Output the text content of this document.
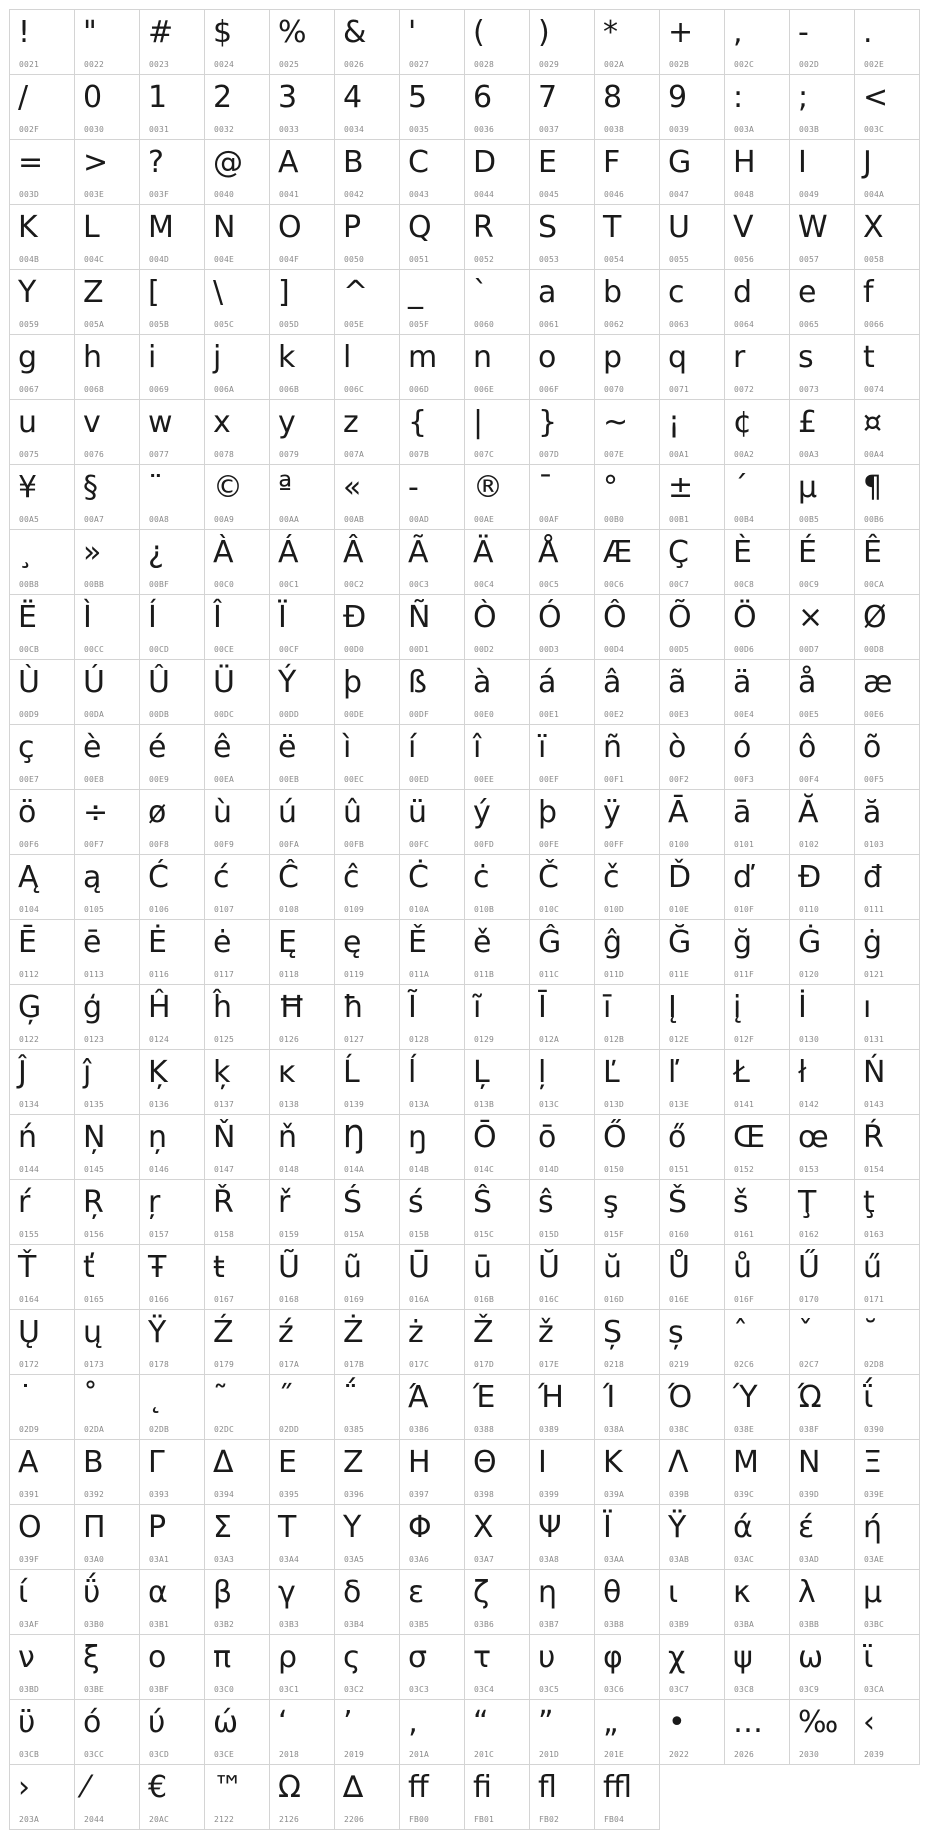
!
0021
"
0022
#
0023
$
0024
%
0025
&
0026
'
0027
(
0028
)
0029
*
002A
+
002B
,
002C
-
002D
.
002E
/
002F
0
0030
1
0031
2
0032
3
0033
4
0034
5
0035
6
0036
7
0037
8
0038
9
0039
:
003A
;
003B
<
003C
=
003D
>
003E
?
003F
@
0040
A
0041
B
0042
C
0043
D
0044
E
0045
F
0046
G
0047
H
0048
I
0049
J
004A
K
004B
L
004C
M
004D
N
004E
O
004F
P
0050
Q
0051
R
0052
S
0053
T
0054
U
0055
V
0056
W
0057
X
0058
Y
0059
Z
005A
[
005B
\
005C
]
005D
^
005E
_
005F
`
0060
a
0061
b
0062
c
0063
d
0064
e
0065
f
0066
g
0067
h
0068
i
0069
j
006A
k
006B
l
006C
m
006D
n
006E
o
006F
p
0070
q
0071
r
0072
s
0073
t
0074
u
0075
v
0076
w
0077
x
0078
y
0079
z
007A
{
007B
|
007C
}
007D
~
007E
¡
00A1
¢
00A2
£
00A3
¤
00A4
¥
00A5
§
00A7
¨
00A8
©
00A9
ª
00AA
«
00AB
-
00AD
®
00AE
¯
00AF
°
00B0
±
00B1
´
00B4
µ
00B5
¶
00B6
¸
00B8
»
00BB
¿
00BF
À
00C0
Á
00C1
Â
00C2
Ã
00C3
Ä
00C4
Å
00C5
Æ
00C6
Ç
00C7
È
00C8
É
00C9
Ê
00CA
Ë
00CB
Ì
00CC
Í
00CD
Î
00CE
Ï
00CF
Đ
00D0
Ñ
00D1
Ò
00D2
Ó
00D3
Ô
00D4
Õ
00D5
Ö
00D6
×
00D7
Ø
00D8
Ù
00D9
Ú
00DA
Û
00DB
Ü
00DC
Ý
00DD
þ
00DE
ß
00DF
à
00E0
á
00E1
â
00E2
ã
00E3
ä
00E4
å
00E5
æ
00E6
ç
00E7
è
00E8
é
00E9
ê
00EA
ë
00EB
ì
00EC
í
00ED
î
00EE
ï
00EF
ñ
00F1
ò
00F2
ó
00F3
ô
00F4
õ
00F5
ö
00F6
÷
00F7
ø
00F8
ù
00F9
ú
00FA
û
00FB
ü
00FC
ý
00FD
þ
00FE
ÿ
00FF
Ā
0100
ā
0101
Ă
0102
ă
0103
Ą
0104
ą
0105
Ć
0106
ć
0107
Ĉ
0108
ĉ
0109
Ċ
010A
ċ
010B
Č
010C
č
010D
Ď
010E
ď
010F
Đ
0110
đ
0111
Ē
0112
ē
0113
Ė
0116
ė
0117
Ę
0118
ę
0119
Ě
011A
ě
011B
Ĝ
011C
ĝ
011D
Ğ
011E
ğ
011F
Ġ
0120
ġ
0121
Ģ
0122
ģ
0123
Ĥ
0124
ĥ
0125
Ħ
0126
ħ
0127
Ĩ
0128
ĩ
0129
Ī
012A
ī
012B
Į
012E
į
012F
İ
0130
ı
0131
Ĵ
0134
ĵ
0135
Ķ
0136
ķ
0137
ĸ
0138
Ĺ
0139
ĺ
013A
Ļ
013B
ļ
013C
Ľ
013D
ľ
013E
Ł
0141
ł
0142
Ń
0143
ń
0144
Ņ
0145
ņ
0146
Ň
0147
ň
0148
Ŋ
014A
ŋ
014B
Ō
014C
ō
014D
Ő
0150
ő
0151
Œ
0152
œ
0153
Ŕ
0154
ŕ
0155
Ŗ
0156
ŗ
0157
Ř
0158
ř
0159
Ś
015A
ś
015B
Ŝ
015C
ŝ
015D
ş
015F
Š
0160
š
0161
Ţ
0162
ţ
0163
Ť
0164
ť
0165
Ŧ
0166
ŧ
0167
Ũ
0168
ũ
0169
Ū
016A
ū
016B
Ŭ
016C
ŭ
016D
Ů
016E
ů
016F
Ű
0170
ű
0171
Ų
0172
ų
0173
Ÿ
0178
Ź
0179
ź
017A
Ż
017B
ż
017C
Ž
017D
ž
017E
Ș
0218
ș
0219
ˆ
02C6
ˇ
02C7
˘
02D8
˙
02D9
˚
02DA
˛
02DB
˜
02DC
˝
02DD
΅
0385
Ά
0386
Έ
0388
Ή
0389
Ί
038A
Ό
038C
Ύ
038E
Ώ
038F
ΐ
0390
Α
0391
Β
0392
Γ
0393
Δ
0394
Ε
0395
Ζ
0396
Η
0397
Θ
0398
Ι
0399
Κ
039A
Λ
039B
Μ
039C
Ν
039D
Ξ
039E
Ο
039F
Π
03A0
Ρ
03A1
Σ
03A3
Τ
03A4
Υ
03A5
Φ
03A6
Χ
03A7
Ψ
03A8
Ϊ
03AA
Ϋ
03AB
ά
03AC
έ
03AD
ή
03AE
ί
03AF
ΰ
03B0
α
03B1
β
03B2
γ
03B3
δ
03B4
ε
03B5
ζ
03B6
η
03B7
θ
03B8
ι
03B9
κ
03BA
λ
03BB
μ
03BC
ν
03BD
ξ
03BE
ο
03BF
π
03C0
ρ
03C1
ς
03C2
σ
03C3
τ
03C4
υ
03C5
φ
03C6
χ
03C7
ψ
03C8
ω
03C9
ϊ
03CA
ϋ
03CB
ό
03CC
ύ
03CD
ώ
03CE
‘
2018
’
2019
‚
201A
“
201C
”
201D
„
201E
•
2022
…
2026
‰
2030
‹
2039
›
203A
⁄
2044
€
20AC
™
2122
Ω
2126
∆
2206
ﬀ
FB00
ﬁ
FB01
ﬂ
FB02
ﬄ
FB04
